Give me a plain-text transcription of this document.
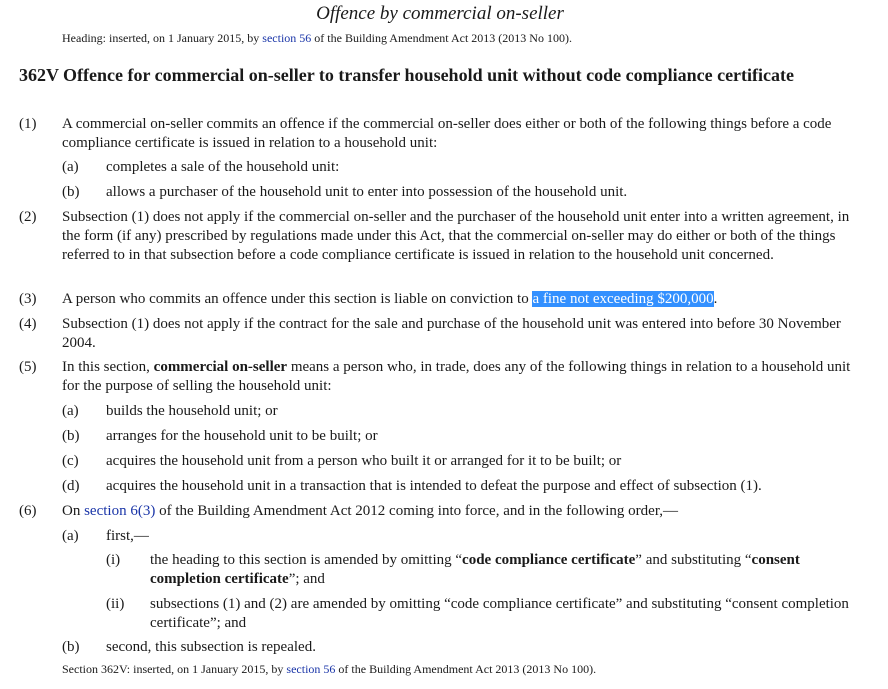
Offence by commercial on-seller
Heading: inserted, on 1 January 2015, by section 56 of the Building Amendment Act 2013 (2013 No 100).
362V Offence for commercial on-seller to transfer household unit without code compliance certificate
(1) A commercial on-seller commits an offence if the commercial on-seller does either or both of the following things before a code compliance certificate is issued in relation to a household unit:
(a) completes a sale of the household unit:
(b) allows a purchaser of the household unit to enter into possession of the household unit.
(2) Subsection (1) does not apply if the commercial on-seller and the purchaser of the household unit enter into a written agreement, in the form (if any) prescribed by regulations made under this Act, that the commercial on-seller may do either or both of the things referred to in that subsection before a code compliance certificate is issued in relation to the household unit concerned.
(3) A person who commits an offence under this section is liable on conviction to a fine not exceeding $200,000.
(4) Subsection (1) does not apply if the contract for the sale and purchase of the household unit was entered into before 30 November 2004.
(5) In this section, commercial on-seller means a person who, in trade, does any of the following things in relation to a household unit for the purpose of selling the household unit:
(a) builds the household unit; or
(b) arranges for the household unit to be built; or
(c) acquires the household unit from a person who built it or arranged for it to be built; or
(d) acquires the household unit in a transaction that is intended to defeat the purpose and effect of subsection (1).
(6) On section 6(3) of the Building Amendment Act 2012 coming into force, and in the following order,—
(a) first,—
(i) the heading to this section is amended by omitting “code compliance certificate” and substituting “consent completion certificate”; and
(ii) subsections (1) and (2) are amended by omitting “code compliance certificate” and substituting “consent completion certificate”; and
(b) second, this subsection is repealed.
Section 362V: inserted, on 1 January 2015, by section 56 of the Building Amendment Act 2013 (2013 No 100).
